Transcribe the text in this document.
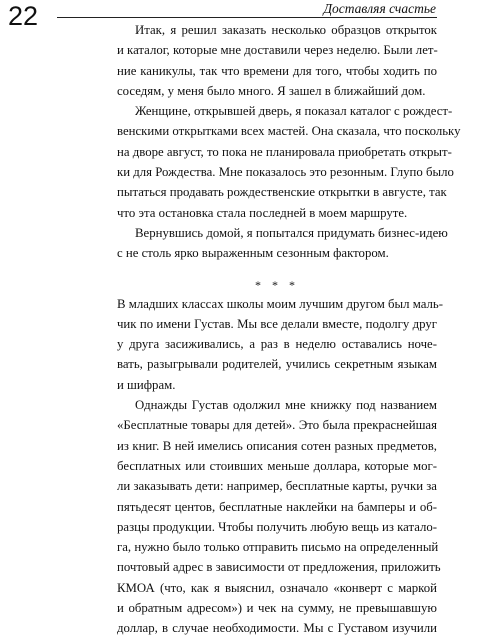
22	Доставляя счастье

Итак, я решил заказать несколько образцов открыток
и каталог, которые мне доставили через неделю. Были лет-
ние каникулы, так что времени для того, чтобы ходить по
соседям, у меня было много. Я зашел в ближайший дом.

Женщине, открывшей дверь, я показал каталог с рождест-
венскими открытками всех мастей. Она сказала, что поскольку
на дворе август, то пока не планировала приобретать открыт-
ки для Рождества. Мне показалось это резонным. Глупо было
пытаться продавать рождественские открытки в августе, так
что эта остановка стала последней в моем маршруте.

Вернувшись домой, я попытался придумать бизнес-идею
с не столь ярко выраженным сезонным фактором.

* * *

В младших классах школы моим лучшим другом был маль-
чик по имени Густав. Мы все делали вместе, подолгу друг
у друга засиживались, а раз в неделю оставались ночe-
вать, разыгрывали родителей, учились секретным языкам
и шифрам.

Однажды Густав одолжил мне книжку под названием
«Бесплатные товары для детей». Это была прекраснейшая
из книг. В ней имелись описания сотен разных предметов,
бесплатных или стоивших меньше доллара, которые мог-
ли заказывать дети: например, бесплатные карты, ручки за
пятьдесят центов, бесплатные наклейки на бамперы и об-
разцы продукции. Чтобы получить любую вещь из катало-
га, нужно было только отправить письмо на определенный
почтовый адрес в зависимости от предложения, приложить
КМОА (что, как я выяснил, означало «конверт с маркой
и обратным адресом») и чек на сумму, не превышавшую
доллар, в случае необходимости. Мы с Густавом изучили
